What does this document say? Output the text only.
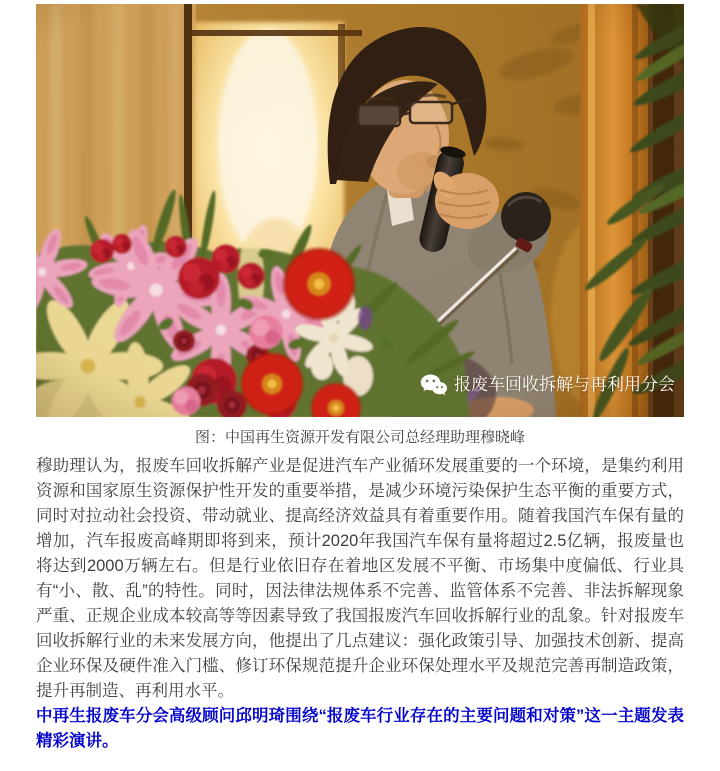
报废车回收拆解与再利用分会
图：中国再生资源开发有限公司总经理助理穆晓峰

穆助理认为，报废车回收拆解产业是促进汽车产业循环发展重要的一个环境，是集约利用资源和国家原生资源保护性开发的重要举措，是减少环境污染保护生态平衡的重要方式，同时对拉动社会投资、带动就业、提高经济效益具有着重要作用。随着我国汽车保有量的增加，汽车报废高峰期即将到来，预计2020年我国汽车保有量将超过2.5亿辆，报废量也将达到2000万辆左右。但是行业依旧存在着地区发展不平衡、市场集中度偏低、行业具有“小、散、乱”的特性。同时，因法律法规体系不完善、监管体系不完善、非法拆解现象严重、正规企业成本较高等等因素导致了我国报废汽车回收拆解行业的乱象。针对报废车回收拆解行业的未来发展方向，他提出了几点建议：强化政策引导、加强技术创新、提高企业环保及硬件准入门槛、修订环保规范提升企业环保处理水平及规范完善再制造政策，提升再制造、再利用水平。

中再生报废车分会高级顾问邱明琦围绕“报废车行业存在的主要问题和对策”这一主题发表精彩演讲。
